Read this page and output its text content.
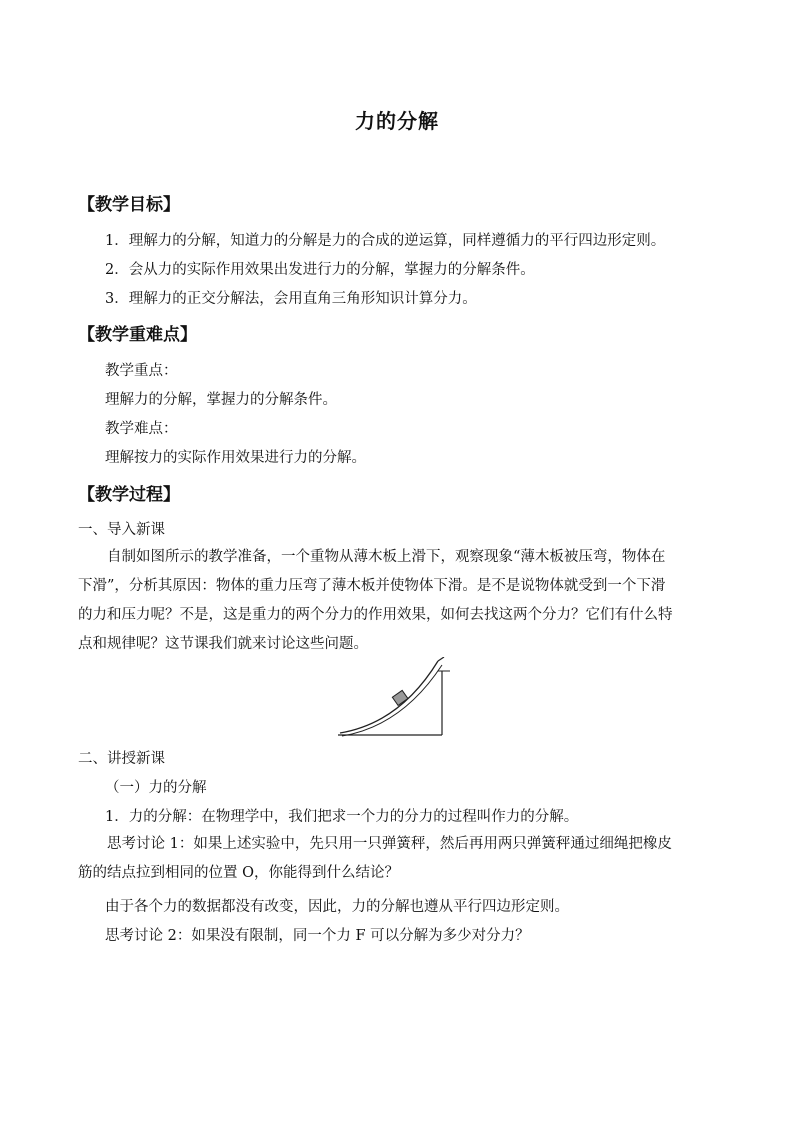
力的分解
【教学目标】
1．理解力的分解，知道力的分解是力的合成的逆运算，同样遵循力的平行四边形定则。
2．会从力的实际作用效果出发进行力的分解，掌握力的分解条件。
3．理解力的正交分解法，会用直角三角形知识计算分力。
【教学重难点】
教学重点：
理解力的分解，掌握力的分解条件。
教学难点：
理解按力的实际作用效果进行力的分解。
【教学过程】
一、导入新课
自制如图所示的教学准备，一个重物从薄木板上滑下，观察现象“薄木板被压弯，物体在
下滑”，分析其原因：物体的重力压弯了薄木板并使物体下滑。是不是说物体就受到一个下滑
的力和压力呢？不是，这是重力的两个分力的作用效果，如何去找这两个分力？它们有什么特
点和规律呢？这节课我们就来讨论这些问题。
二、讲授新课
（一）力的分解
1．力的分解：在物理学中，我们把求一个力的分力的过程叫作力的分解。
思考讨论 1：如果上述实验中，先只用一只弹簧秤，然后再用两只弹簧秤通过细绳把橡皮
筋的结点拉到相同的位置 O，你能得到什么结论？
由于各个力的数据都没有改变，因此，力的分解也遵从平行四边形定则。
思考讨论 2：如果没有限制，同一个力 F 可以分解为多少对分力？
